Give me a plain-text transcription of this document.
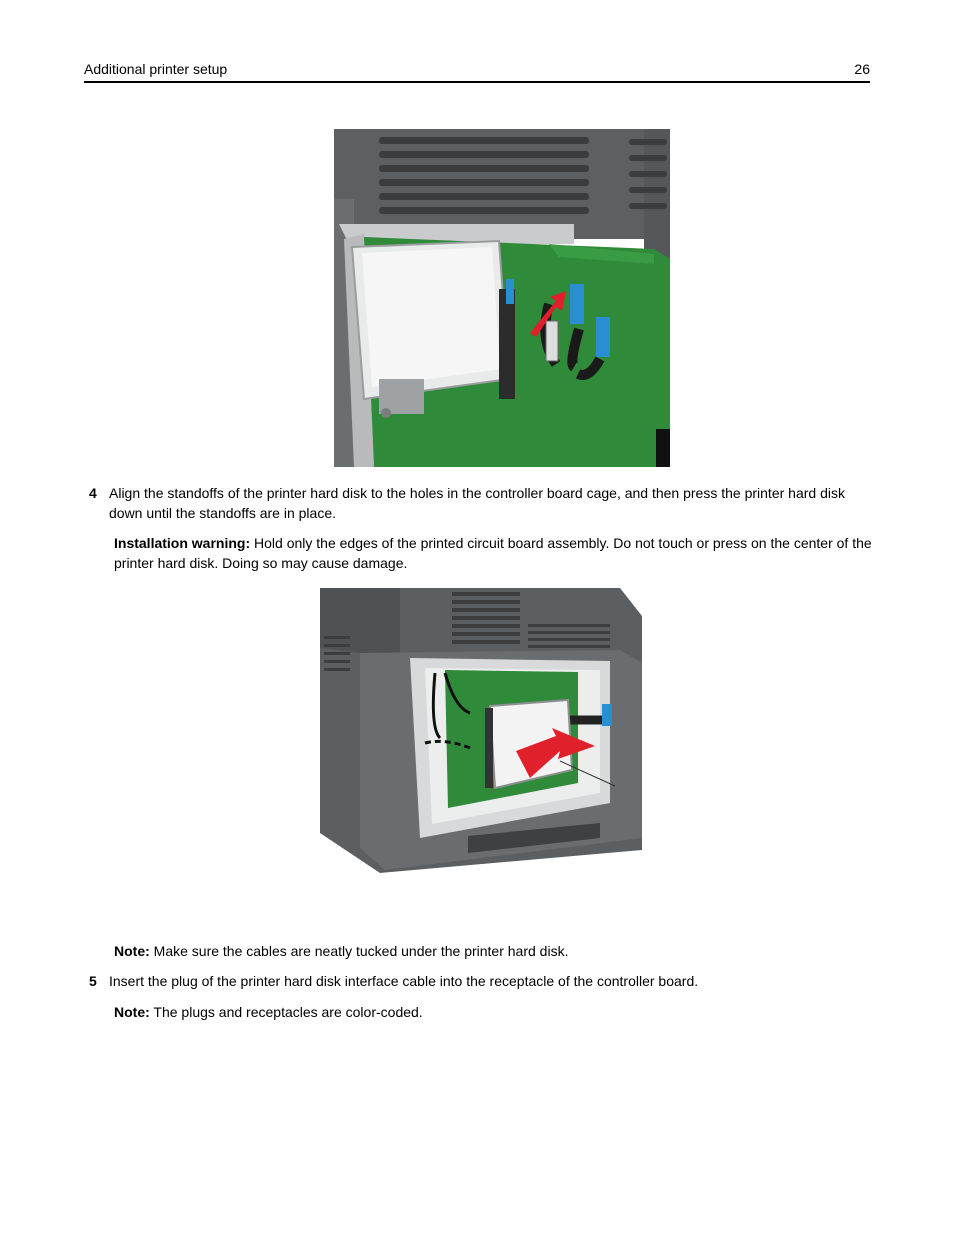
Additional printer setup	26
4 Align the standoffs of the printer hard disk to the holes in the controller board cage, and then press the printer hard disk down until the standoffs are in place.
Installation warning: Hold only the edges of the printed circuit board assembly. Do not touch or press on the center of the printer hard disk. Doing so may cause damage.
Note: Make sure the cables are neatly tucked under the printer hard disk.
5 Insert the plug of the printer hard disk interface cable into the receptacle of the controller board.
Note: The plugs and receptacles are color-coded.
